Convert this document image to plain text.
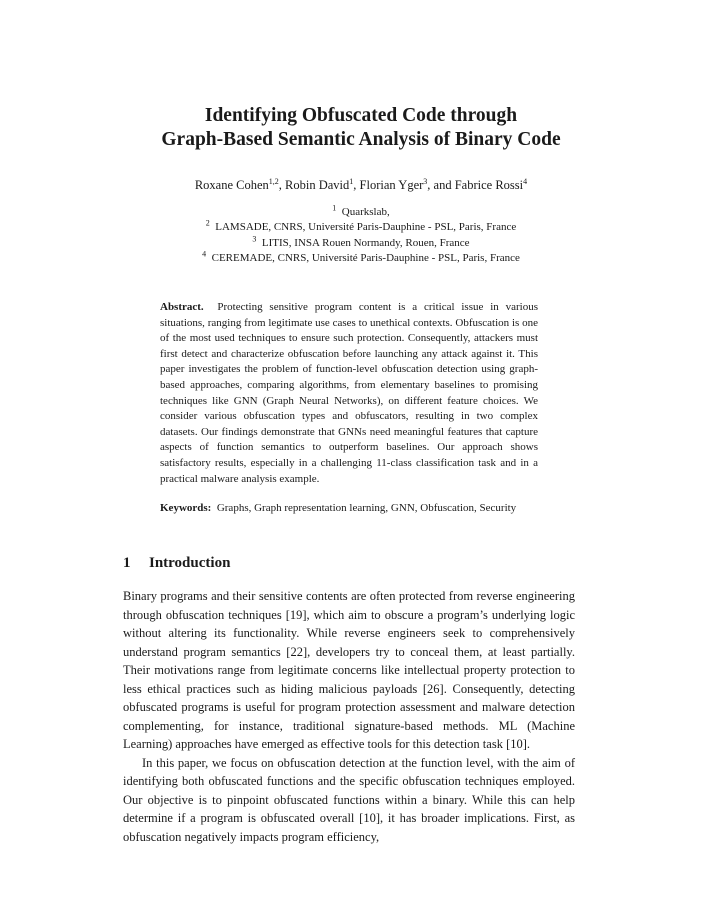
Identifying Obfuscated Code through
Graph-Based Semantic Analysis of Binary Code
Roxane Cohen$^{1,2}$, Robin David$^1$, Florian Yger$^3$, and Fabrice Rossi$^4$
$^1$ Quarkslab,
$^2$ LAMSADE, CNRS, Université Paris-Dauphine - PSL, Paris, France
$^3$ LITIS, INSA Rouen Normandy, Rouen, France
$^4$ CEREMADE, CNRS, Université Paris-Dauphine - PSL, Paris, France
Abstract. Protecting sensitive program content is a critical issue in various situations, ranging from legitimate use cases to unethical contexts. Obfuscation is one of the most used techniques to ensure such protection. Consequently, attackers must first detect and characterize obfuscation before launching any attack against it. This paper investigates the problem of function-level obfuscation detection using graph-based approaches, comparing algorithms, from elementary baselines to promising techniques like GNN (Graph Neural Networks), on different feature choices. We consider various obfuscation types and obfuscators, resulting in two complex datasets. Our findings demonstrate that GNNs need meaningful features that capture aspects of function semantics to outperform baselines. Our approach shows satisfactory results, especially in a challenging 11-class classification task and in a practical malware analysis example.
Keywords: Graphs, Graph representation learning, GNN, Obfuscation, Security
1 Introduction

Binary programs and their sensitive contents are often protected from reverse engineering through obfuscation techniques [19], which aim to obscure a program’s underlying logic without altering its functionality. While reverse engineers seek to comprehensively understand program semantics [22], developers try to conceal them, at least partially. Their motivations range from legitimate concerns like intellectual property protection to less ethical practices such as hiding malicious payloads [26]. Consequently, detecting obfuscated programs is useful for program protection assessment and malware detection complementing, for instance, traditional signature-based methods. ML (Machine Learning) approaches have emerged as effective tools for this detection task [10].

In this paper, we focus on obfuscation detection at the function level, with the aim of identifying both obfuscated functions and the specific obfuscation techniques employed. Our objective is to pinpoint obfuscated functions within a binary. While this can help determine if a program is obfuscated overall [10], it has broader implications. First, as obfuscation negatively impacts program efficiency,
